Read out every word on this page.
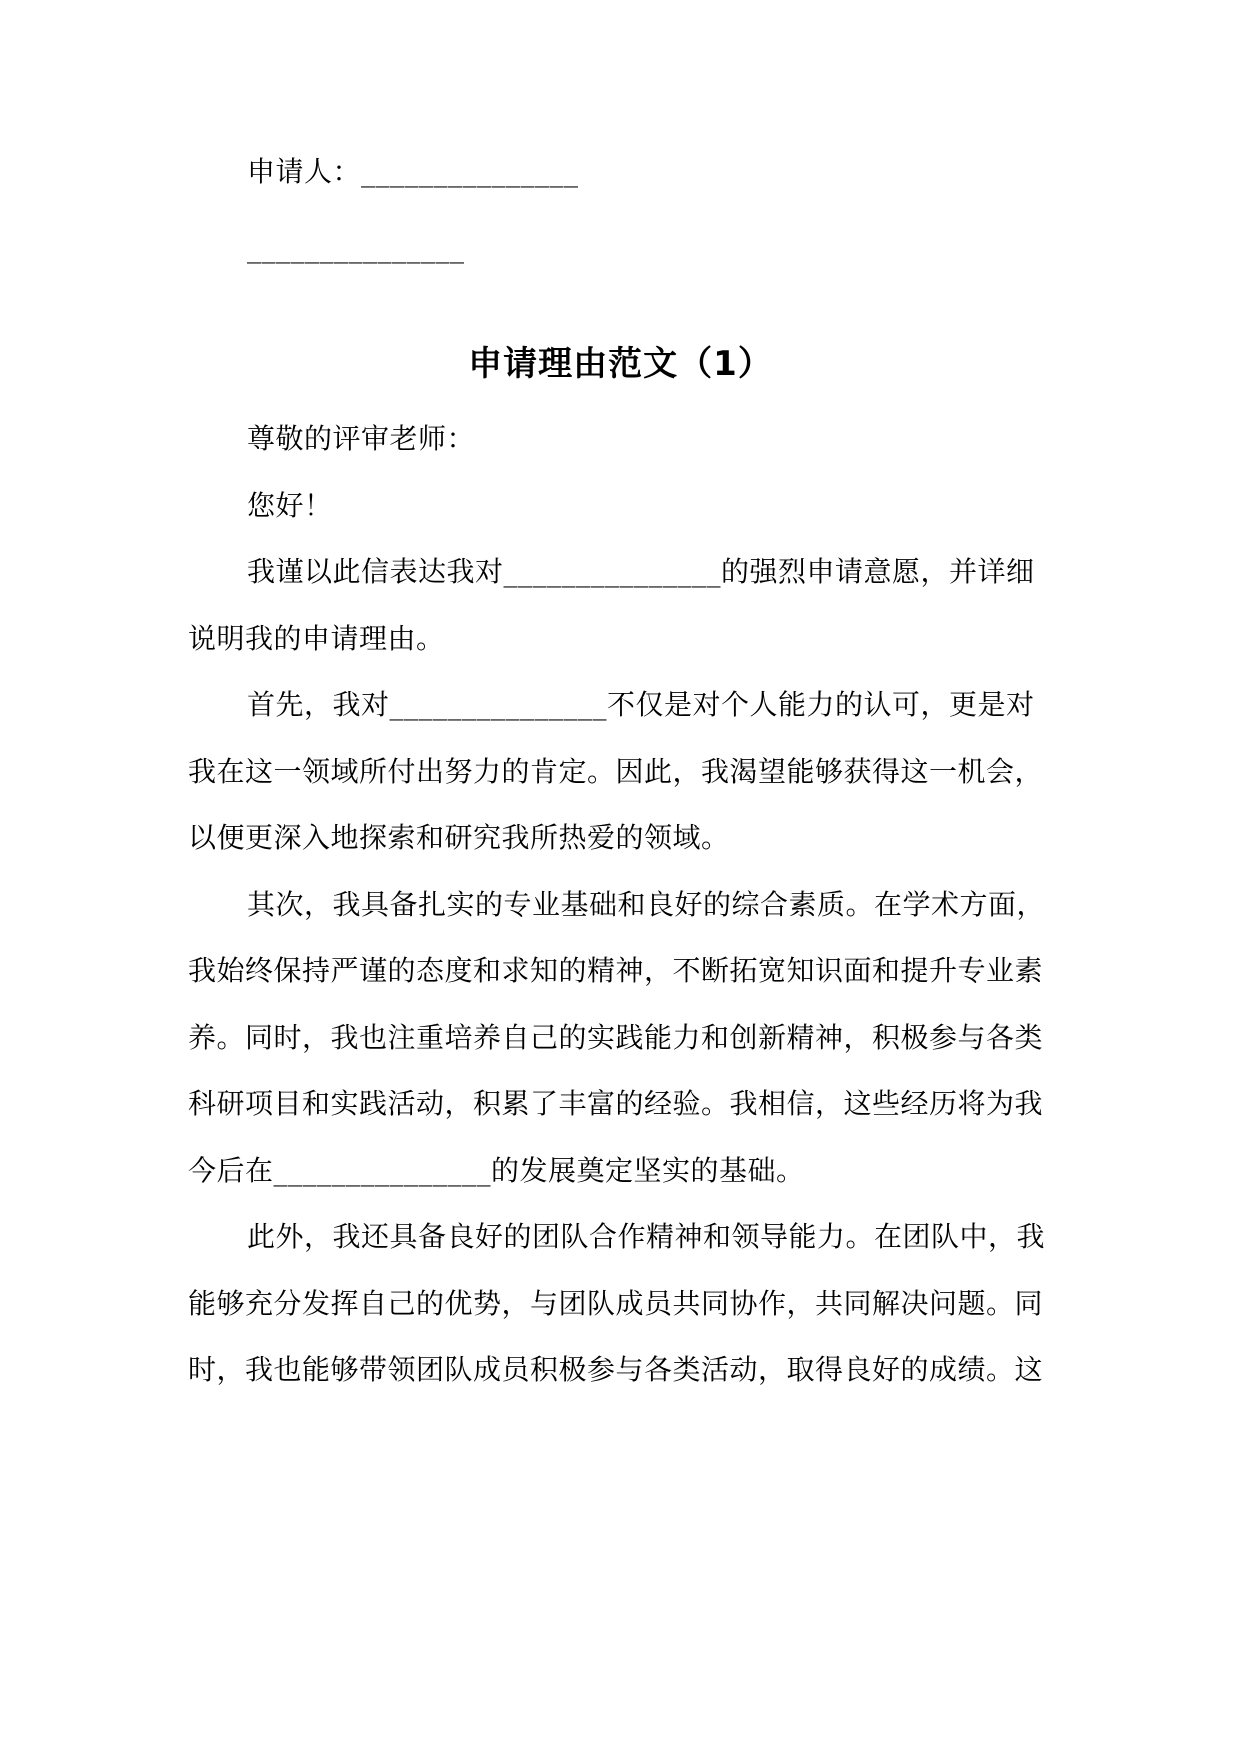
申请人：_______________
_______________
申请理由范文（1）
尊敬的评审老师：
您好！
我谨以此信表达我对_______________的强烈申请意愿，并详细
说明我的申请理由。
首先，我对_______________不仅是对个人能力的认可，更是对
我在这一领域所付出努力的肯定。因此，我渴望能够获得这一机会，
以便更深入地探索和研究我所热爱的领域。
其次，我具备扎实的专业基础和良好的综合素质。在学术方面，
我始终保持严谨的态度和求知的精神，不断拓宽知识面和提升专业素
养。同时，我也注重培养自己的实践能力和创新精神，积极参与各类
科研项目和实践活动，积累了丰富的经验。我相信，这些经历将为我
今后在_______________的发展奠定坚实的基础。
此外，我还具备良好的团队合作精神和领导能力。在团队中，我
能够充分发挥自己的优势，与团队成员共同协作，共同解决问题。同
时，我也能够带领团队成员积极参与各类活动，取得良好的成绩。这
